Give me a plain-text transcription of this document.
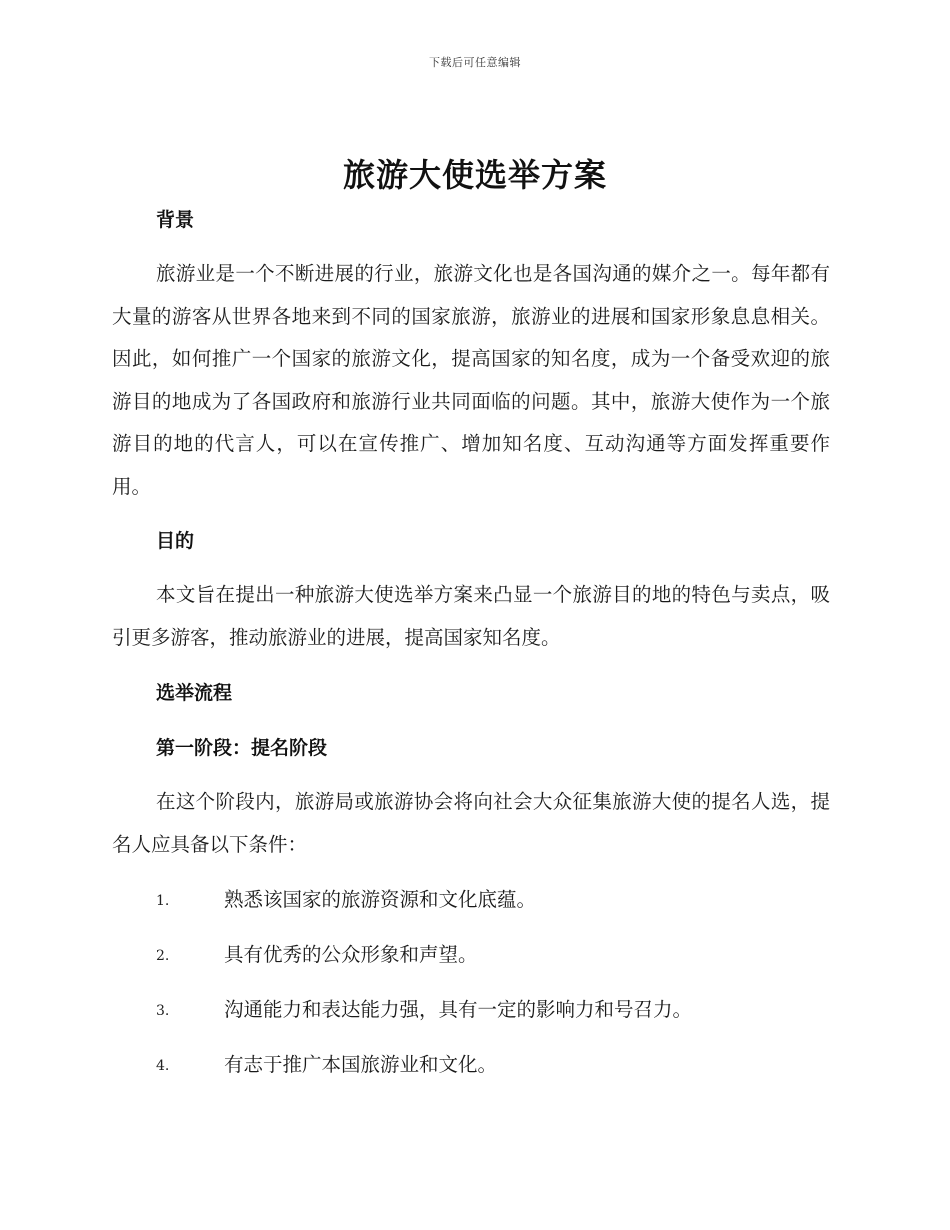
下载后可任意编辑
旅游大使选举方案
背景

旅游业是一个不断进展的行业，旅游文化也是各国沟通的媒介之一。每年都有大量的游客从世界各地来到不同的国家旅游，旅游业的进展和国家形象息息相关。因此，如何推广一个国家的旅游文化，提高国家的知名度，成为一个备受欢迎的旅游目的地成为了各国政府和旅游行业共同面临的问题。其中，旅游大使作为一个旅游目的地的代言人，可以在宣传推广、增加知名度、互动沟通等方面发挥重要作用。

目的

本文旨在提出一种旅游大使选举方案来凸显一个旅游目的地的特色与卖点，吸引更多游客，推动旅游业的进展，提高国家知名度。

选举流程
第一阶段：提名阶段

在这个阶段内，旅游局或旅游协会将向社会大众征集旅游大使的提名人选，提名人应具备以下条件：

1.	熟悉该国家的旅游资源和文化底蕴。
2.	具有优秀的公众形象和声望。
3.	沟通能力和表达能力强，具有一定的影响力和号召力。
4.	有志于推广本国旅游业和文化。
